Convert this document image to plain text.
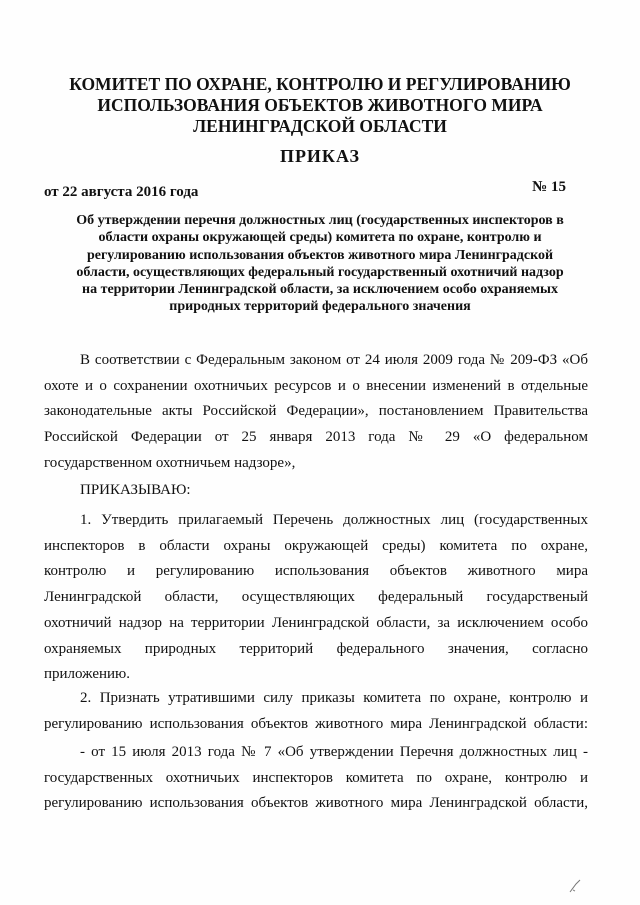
КОМИТЕТ ПО ОХРАНЕ, КОНТРОЛЮ И РЕГУЛИРОВАНИЮ
ИСПОЛЬЗОВАНИЯ ОБЪЕКТОВ ЖИВОТНОГО МИРА
ЛЕНИНГРАДСКОЙ ОБЛАСТИ
ПРИКАЗ
от 22 августа 2016 года	№ 15
Об утверждении перечня должностных лиц (государственных инспекторов в
области охраны окружающей среды) комитета по охране, контролю и
регулированию использования объектов животного мира Ленинградской
области, осуществляющих федеральный государственный охотничий надзор
на территории Ленинградской области, за исключением особо охраняемых
природных территорий федерального значения
В соответствии с Федеральным законом от 24 июля 2009 года № 209-ФЗ «Об
охоте и о сохранении охотничьих ресурсов и о внесении изменений в отдельные
законодательные акты Российской Федерации», постановлением Правительства
Российской Федерации от 25 января 2013 года № 29 «О федеральном
государственном охотничьем надзоре»,
ПРИКАЗЫВАЮ:
1. Утвердить прилагаемый Перечень должностных лиц (государственных
инспекторов в области охраны окружающей среды) комитета по охране,
контролю и регулированию использования объектов животного мира
Ленинградской области, осуществляющих федеральный государственый
охотничий надзор на территории Ленинградской области, за исключением особо
охраняемых природных территорий федерального значения, согласно
приложению.
2. Признать утратившими силу приказы комитета по охране, контролю и
регулированию использования объектов животного мира Ленинградской области:
- от 15 июля 2013 года № 7 «Об утверждении Перечня должностных лиц -
государственных охотничьих инспекторов комитета по охране, контролю и
регулированию использования объектов животного мира Ленинградской области,
